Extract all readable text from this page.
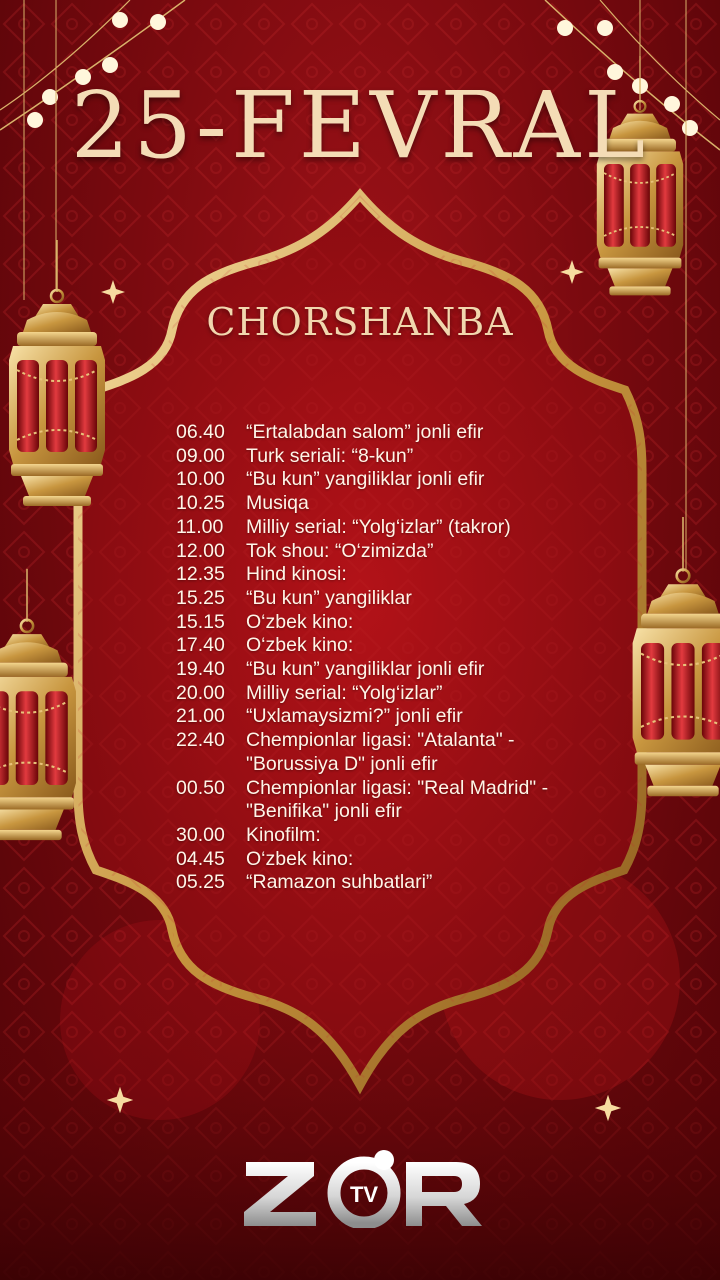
25-FEVRAL
CHORSHANBA
06.40	“Ertalabdan salom” jonli efir
09.00	Turk seriali: “8-kun”
10.00	“Bu kun” yangiliklar jonli efir
10.25	Musiqa
11.00	Milliy serial: “Yolg‘izlar” (takror)
12.00	Tok shou: “O‘zimizda”
12.35	Hind kinosi:
15.25	“Bu kun” yangiliklar
15.15	O‘zbek kino:
17.40	O‘zbek kino:
19.40	“Bu kun” yangiliklar jonli efir
20.00	Milliy serial: “Yolg‘izlar”
21.00	“Uxlamaysizmi?” jonli efir
22.40	Chempionlar ligasi: "Atalanta" - "Borussiya D" jonli efir
00.50	Chempionlar ligasi: "Real Madrid" - "Benifika" jonli efir
30.00	Kinofilm:
04.45	O‘zbek kino:
05.25	“Ramazon suhbatlari”
TV
